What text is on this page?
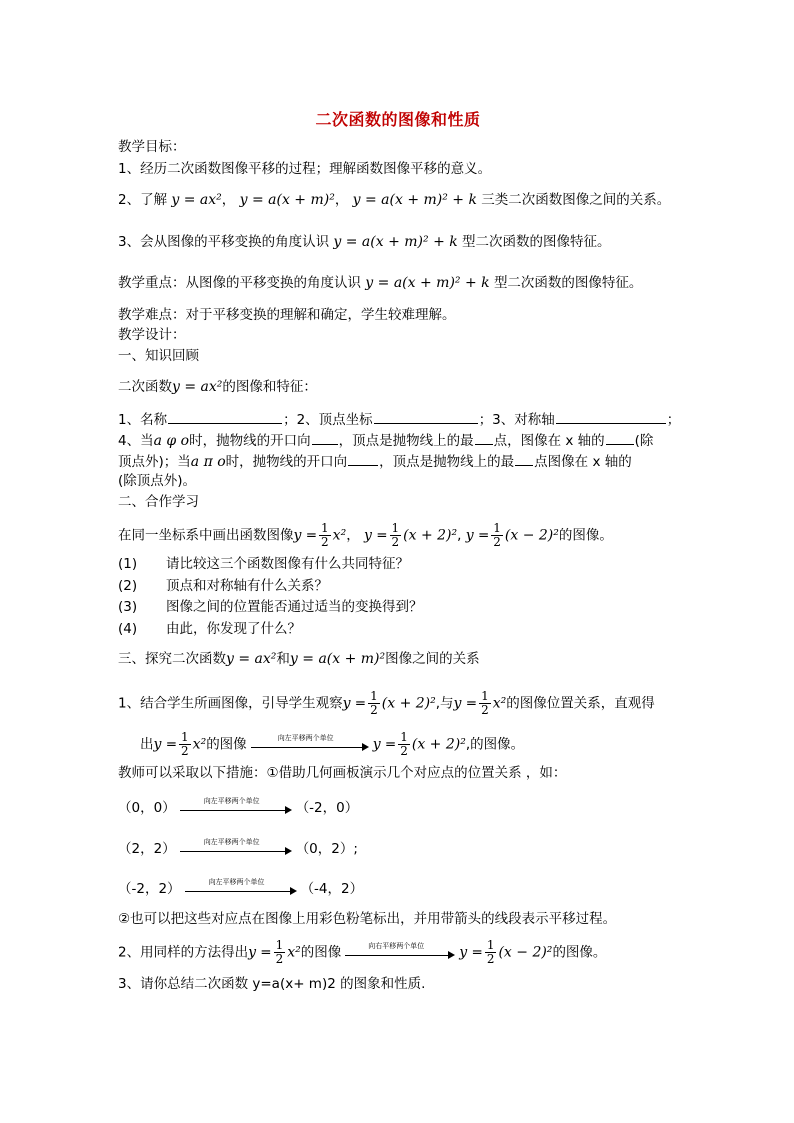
二次函数的图像和性质
教学目标：
1、经历二次函数图像平移的过程；理解函数图像平移的意义。
2、了解 y = ax²， y = a(x + m)²， y = a(x + m)² + k 三类二次函数图像之间的关系。
3、会从图像的平移变换的角度认识 y = a(x + m)² + k 型二次函数的图像特征。
教学重点：从图像的平移变换的角度认识 y = a(x + m)² + k 型二次函数的图像特征。
教学难点：对于平移变换的理解和确定，学生较难理解。
教学设计：
一、知识回顾
二次函数y = ax²的图像和特征：
1、名称	；2、顶点坐标	；3、对称轴	；
4、当a φ o时，抛物线的开口向 ，顶点是抛物线上的最 点，图像在 x 轴的 (除
顶点外)；当a π o时，抛物线的开口向 ，顶点是抛物线上的最 点图像在 x 轴的
(除顶点外)。
二、合作学习
在同一坐标系中画出函数图像$y = \frac{1}{2} x^2$， $y = \frac{1}{2} (x + 2)^2$, $y = \frac{1}{2} (x - 2)^2$的图像。
(1) 请比较这三个函数图像有什么共同特征？
(2) 顶点和对称轴有什么关系？
(3) 图像之间的位置能否通过适当的变换得到？
(4) 由此，你发现了什么？
三、探究二次函数y = ax²和y = a(x + m)²图像之间的关系
1、结合学生所画图像，引导学生观察$y = \frac{1}{2} (x + 2)^2$,与$y = \frac{1}{2} x^2$的图像位置关系，直观得
出$y = \frac{1}{2} x^2$的图像	向左平移两个单位	$y = \frac{1}{2} (x + 2)^2$,的图像。
教师可以采取以下措施：①借助几何画板演示几个对应点的位置关系 ，如：
（0，0）	向左平移两个单位	（-2，0）
（2，2）	向左平移两个单位	（0，2）;
（-2，2）	向左平移两个单位	（-4，2）
②也可以把这些对应点在图像上用彩色粉笔标出，并用带箭头的线段表示平移过程。
2、用同样的方法得出$y = \frac{1}{2} x^2$的图像	向右平移两个单位	$y = \frac{1}{2} (x - 2)^2$的图像。
3、请你总结二次函数 y=a(x+ m)2 的图象和性质.
